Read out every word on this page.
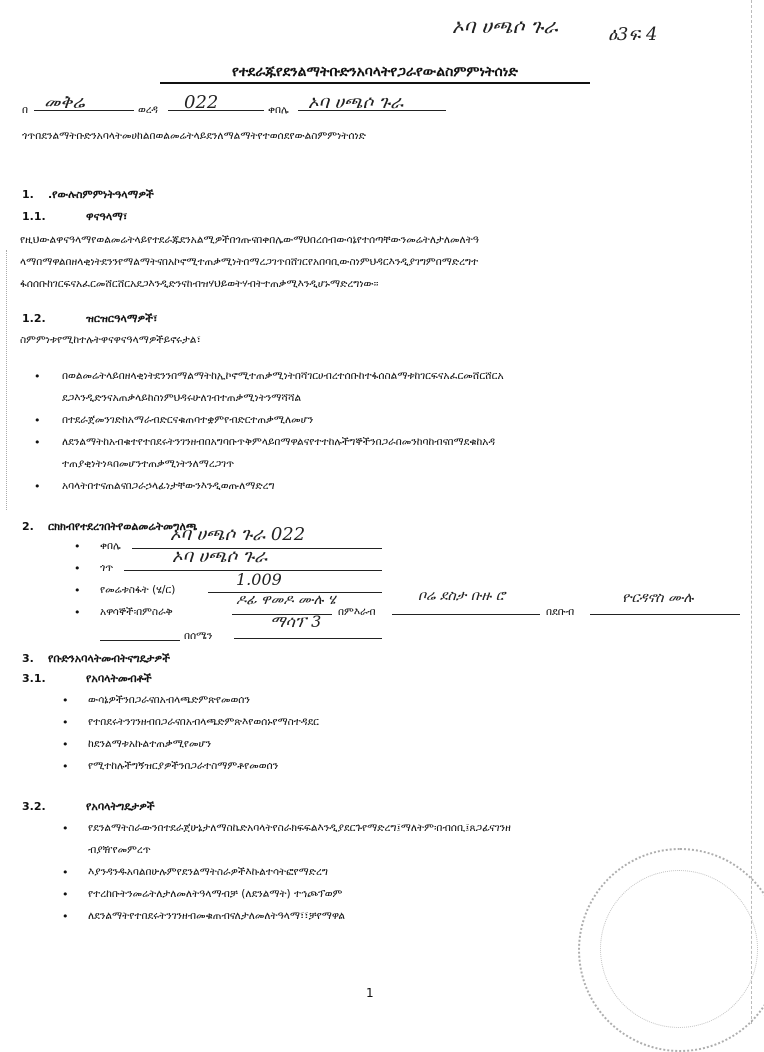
ኦባ ሀጫሶ ጉራ	ዕ3ፍ 4
የተደራጁየደንልማትቡድንአባላትየጋራየውልስምምነትሰነድ
በ መቅሬ	ወረዳ 022	ቀበሌ ኦባ ሀጫሶ ጉራ
ጎጥበደንልማትቡድንአባላትመሀከልበወልመሬትላይደንለማልማትየተወሰደየውልስምምነትሰነድ
1. .የውሉስምምነትዓላማዎች
1.1.	ዋናዓላማ፣
የዚህውልዋናዓላማየወልመሬትላይየተደራጁደንአልሚዎችበጎጡናበቀበሌውማህበረሰብውሳኔየተሰጣቸውንመሬትለታለመለትዓ
ላማበማዋልበዘላቂነትደንንየማልማትናበአኮኖሚተጠቃሚነትበማረጋገጥበሸገርየአበባቢውስነምህዳርእንዲያገግምበማድረግተ
ፋሰሰቡከገርፍናአፈርመሸርሸርአደጋእንዲድንናከብዝሃህይወትሃብትተጠቃሚእንዲሆኑማድረግነው፡፡
1.2.	ዝርዝርዓላማዎች፣
ስምምነቱየሚከተሉትዋናዋናዓላማዎችይኖሩታል፣
• በወልመሬትላይበዘላቂነትደንንበማልማትከኢኮኖሚተጠቃሚነትበሻገርሀብረተሰቡከተፋሰስልማቱከገርፍናአፈርመሸርሸርአ
ደጋእንዲድንናአጠቃላይከስነምህዳሩሁለገብተጠቃሚነትንማሻሻል
• በተደራጀመንገድከአማራብድርናቁጠባተቋምየብድርተጠቃሚለመሆን
• ለደንልማትከአብቁተየተበደሩትንገንዘብበአግባቡጥቅምላይበማዋልናየተተከሉችግኞችንበጋራበመንከባከብናበማደቁከአዳ
ተጠያቂነትነጻበመሆንተጠቃሚነትንለማረጋገጥ
• አባላትበተናጠልናበጋራኃላፊነታቸውንእንዲወጡለማድረግ
2. ርክክብየተደረገበትየወልመሬትመግለጫ
• ቀበሌ
ኦባ ሀጫሶ ጉራ 022
• ጎጥ
ኦባ ሀጫሶ ጉራ
• የመሬቱስፋት (ሄ/ር)
1.009
• አዋሳኞች፡በምስራቅ
ዶፊ ዋመዶ ሙሉ ሄ
በምእራብ
ቦሬ ደስታ ቡዙ ሮ
በደቡብ
ዮርዳኖስ ሙሉ
በሰሜን
ማሳፕ 3
3. የቡድንአባላትመብትናግዴታዎች
3.1.	የአባላትመብቶች
• ውሳኔዎችንበጋራናበአብላጫድምጽየመወሰን
• የተበደሩትንገንዘብበጋራናበአብላጫድምጽእየወሰኑየማስተዳደር
• ከደንልማቱአኩልተጠቃሚየመሆን
• የሚተከሉችግኝዝርያዎችንበጋራተስማምቶየመወሰን
3.2.	የአባላትግዴታዎች
• የደንልማትስራውንበተደራጀሁኔታለማስኬድአባላትየስራክፍፍልእንዲያደርጉየማድረግ፤ማለትም፡በብሰቢ፤ጸጋፊናገንዘ
ብያዥየመምረጥ
• እያንዳንዱአባልበሁሉምየደንልማትስራዎችእኩልተሳትፎየማድረግ
• የተረከቡትንመሬትለታለመለትዓላማብቻ (ለደንልማት) ተኅጮፕወም
• ለደንልማትየተበደሩትንገንዘብመቁጠብናለታለመለትዓላማ፣፣ቻየማዋል
1
